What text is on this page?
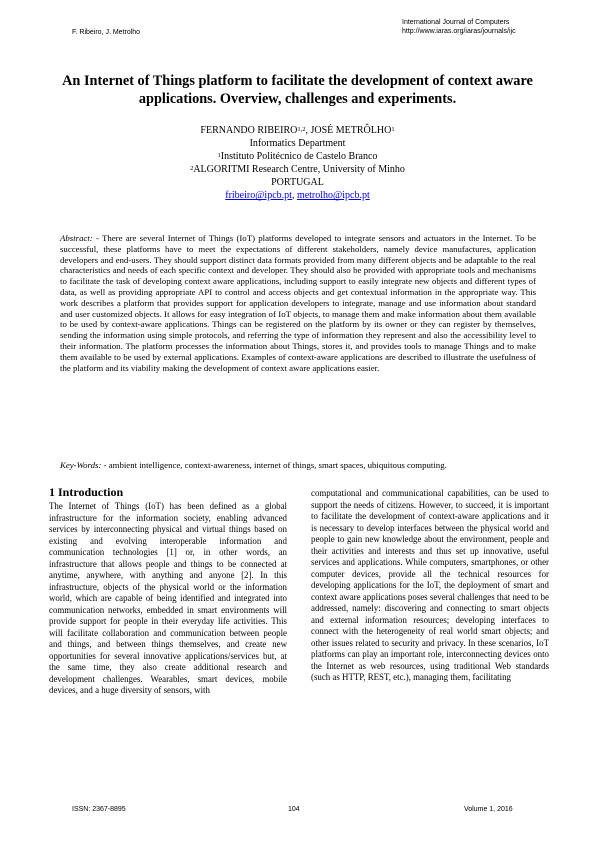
F. Ribeiro, J. Metrolho
International Journal of Computers
http://www.iaras.org/iaras/journals/ijc
An Internet of Things platform to facilitate the development of context aware applications. Overview, challenges and experiments.
FERNANDO RIBEIRO$^{1,2}$, JOSÉ METRÔLHO$^1$
Informatics Department
$^1$Instituto Politécnico de Castelo Branco
$^2$ALGORITMI Research Centre, University of Minho
PORTUGAL
fribeiro@ipcb.pt, metrolho@ipcb.pt
Abstract: - There are several Internet of Things (IoT) platforms developed to integrate sensors and actuators in the Internet. To be successful, these platforms have to meet the expectations of different stakeholders, namely device manufactures, application developers and end-users. They should support distinct data formats provided from many different objects and be adaptable to the real characteristics and needs of each specific context and developer. They should also be provided with appropriate tools and mechanisms to facilitate the task of developing context aware applications, including support to easily integrate new objects and different types of data, as well as providing appropriate API to control and access objects and get contextual information in the appropriate way. This work describes a platform that provides support for application developers to integrate, manage and use information about standard and user customized objects. It allows for easy integration of IoT objects, to manage them and make information about them available to be used by context-aware applications. Things can be registered on the platform by its owner or they can register by themselves, sending the information using simple protocols, and referring the type of information they represent and also the accessibility level to their information. The platform processes the information about Things, stores it, and provides tools to manage Things and to make them available to be used by external applications. Examples of context-aware applications are described to illustrate the usefulness of the platform and its viability making the development of context aware applications easier.
Key-Words: - ambient intelligence, context-awareness, internet of things, smart spaces, ubiquitous computing.
1 Introduction
The Internet of Things (IoT) has been defined as a global infrastructure for the information society, enabling advanced services by interconnecting physical and virtual things based on existing and evolving interoperable information and communication technologies [1] or, in other words, an infrastructure that allows people and things to be connected at anytime, anywhere, with anything and anyone [2]. In this infrastructure, objects of the physical world or the information world, which are capable of being identified and integrated into communication networks, embedded in smart environments will provide support for people in their everyday life activities. This will facilitate collaboration and communication between people and things, and between things themselves, and create new opportunities for several innovative applications/services but, at the same time, they also create additional research and development challenges. Wearables, smart devices, mobile devices, and a huge diversity of sensors, with
computational and communicational capabilities, can be used to support the needs of citizens. However, to succeed, it is important to facilitate the development of context-aware applications and it is necessary to develop interfaces between the physical world and people to gain new knowledge about the environment, people and their activities and interests and thus set up innovative, useful services and applications. While computers, smartphones, or other computer devices, provide all the technical resources for developing applications for the IoT, the deployment of smart and context aware applications poses several challenges that need to be addressed, namely: discovering and connecting to smart objects and external information resources; developing interfaces to connect with the heterogeneity of real world smart objects; and other issues related to security and privacy. In these scenarios, IoT platforms can play an important role, interconnecting devices onto the Internet as web resources, using traditional Web standards (such as HTTP, REST, etc.), managing them, facilitating
ISSN: 2367-8895	104	Volume 1, 2016
